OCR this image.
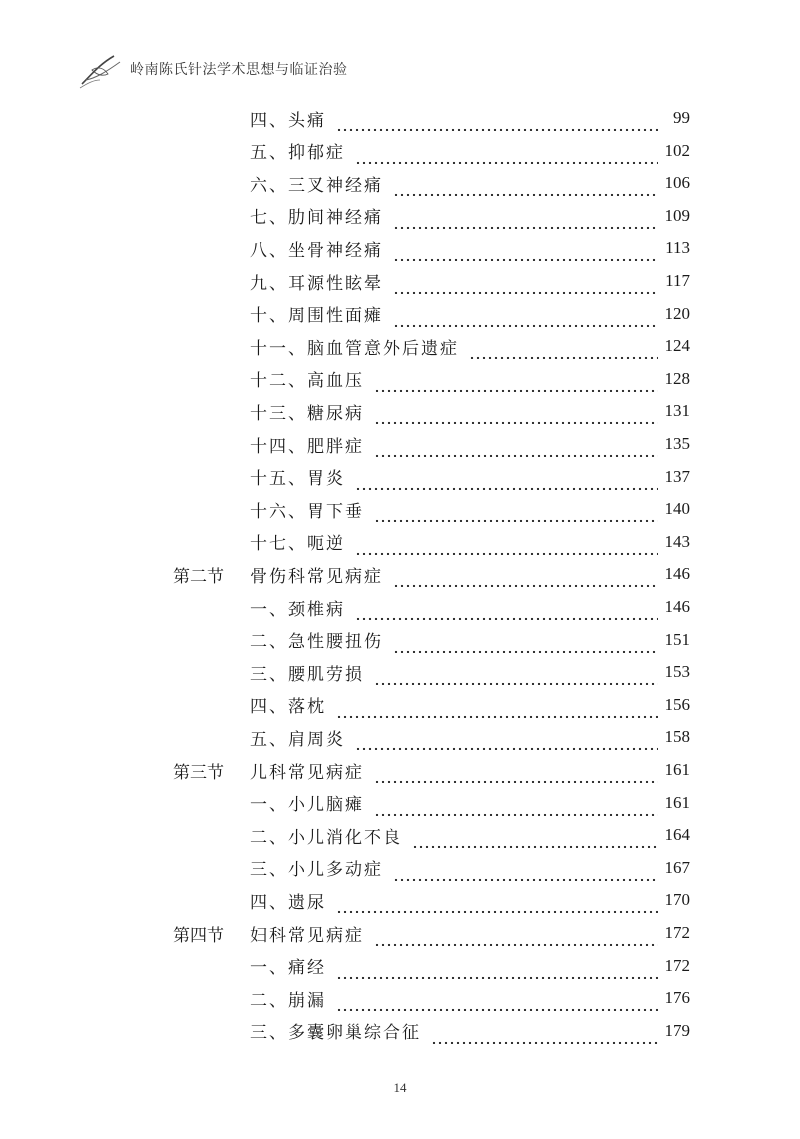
岭南陈氏针法学术思想与临证治验
四、头痛	99
五、抑郁症	102
六、三叉神经痛	106
七、肋间神经痛	109
八、坐骨神经痛	113
九、耳源性眩晕	117
十、周围性面瘫	120
十一、脑血管意外后遗症	124
十二、高血压	128
十三、糖尿病	131
十四、肥胖症	135
十五、胃炎	137
十六、胃下垂	140
十七、呃逆	143
第二节	骨伤科常见病症	146
一、颈椎病	146
二、急性腰扭伤	151
三、腰肌劳损	153
四、落枕	156
五、肩周炎	158
第三节	儿科常见病症	161
一、小儿脑瘫	161
二、小儿消化不良	164
三、小儿多动症	167
四、遗尿	170
第四节	妇科常见病症	172
一、痛经	172
二、崩漏	176
三、多囊卵巢综合征	179
14
